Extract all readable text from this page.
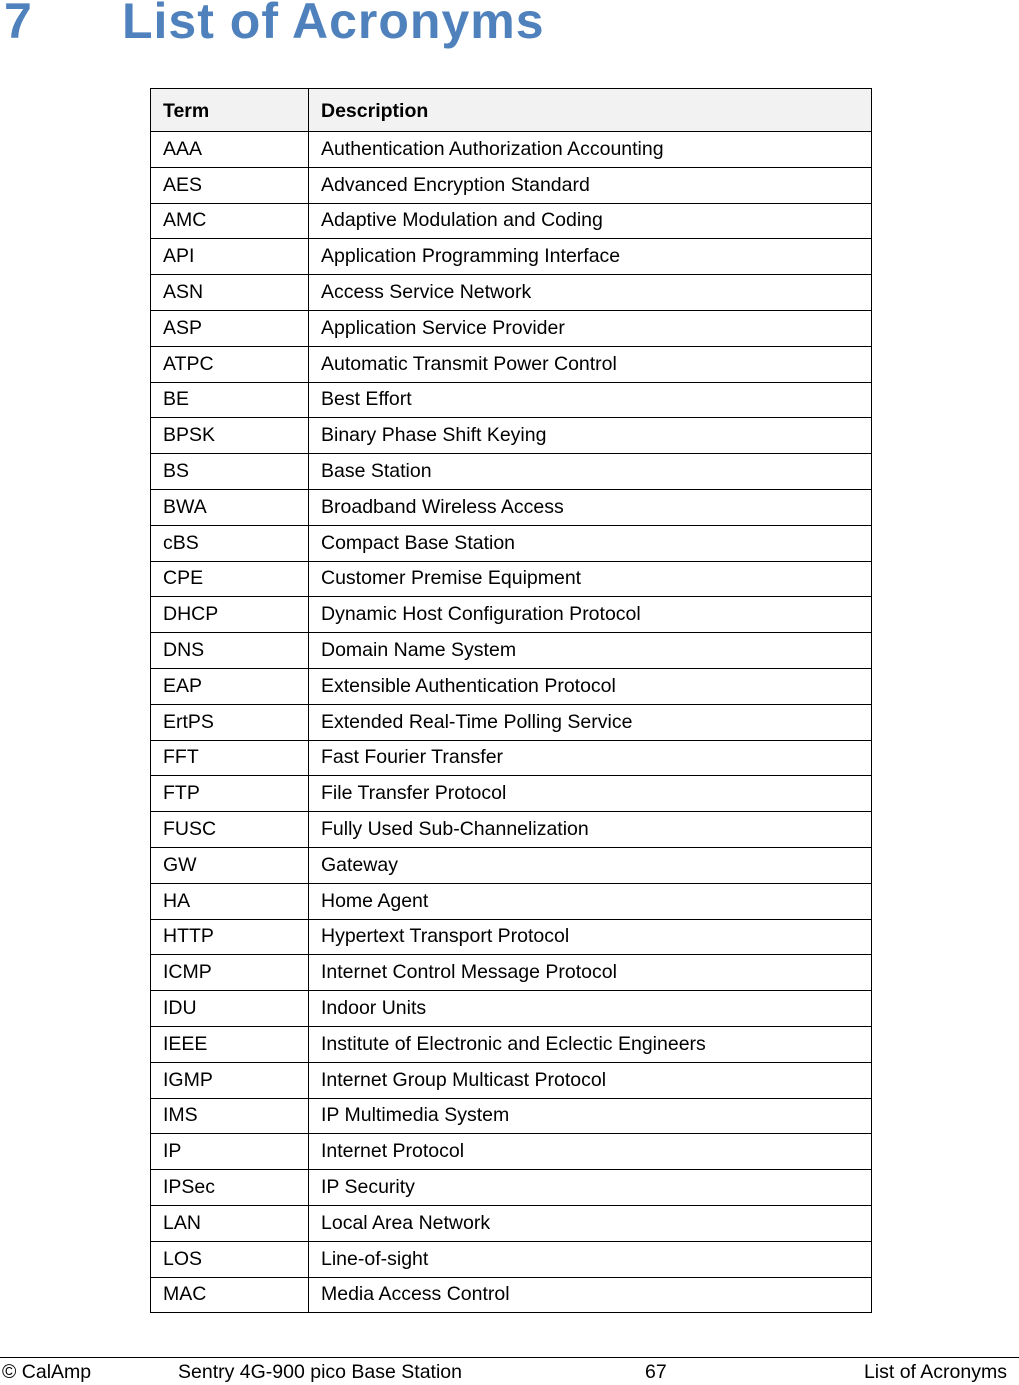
7 List of Acronyms
Term	Description
AAA	Authentication Authorization Accounting
AES	Advanced Encryption Standard
AMC	Adaptive Modulation and Coding
API	Application Programming Interface
ASN	Access Service Network
ASP	Application Service Provider
ATPC	Automatic Transmit Power Control
BE	Best Effort
BPSK	Binary Phase Shift Keying
BS	Base Station
BWA	Broadband Wireless Access
cBS	Compact Base Station
CPE	Customer Premise Equipment
DHCP	Dynamic Host Configuration Protocol
DNS	Domain Name System
EAP	Extensible Authentication Protocol
ErtPS	Extended Real-Time Polling Service
FFT	Fast Fourier Transfer
FTP	File Transfer Protocol
FUSC	Fully Used Sub-Channelization
GW	Gateway
HA	Home Agent
HTTP	Hypertext Transport Protocol
ICMP	Internet Control Message Protocol
IDU	Indoor Units
IEEE	Institute of Electronic and Eclectic Engineers
IGMP	Internet Group Multicast Protocol
IMS	IP Multimedia System
IP	Internet Protocol
IPSec	IP Security
LAN	Local Area Network
LOS	Line-of-sight
MAC	Media Access Control
© CalAmp	Sentry 4G-900 pico Base Station	67	List of Acronyms
